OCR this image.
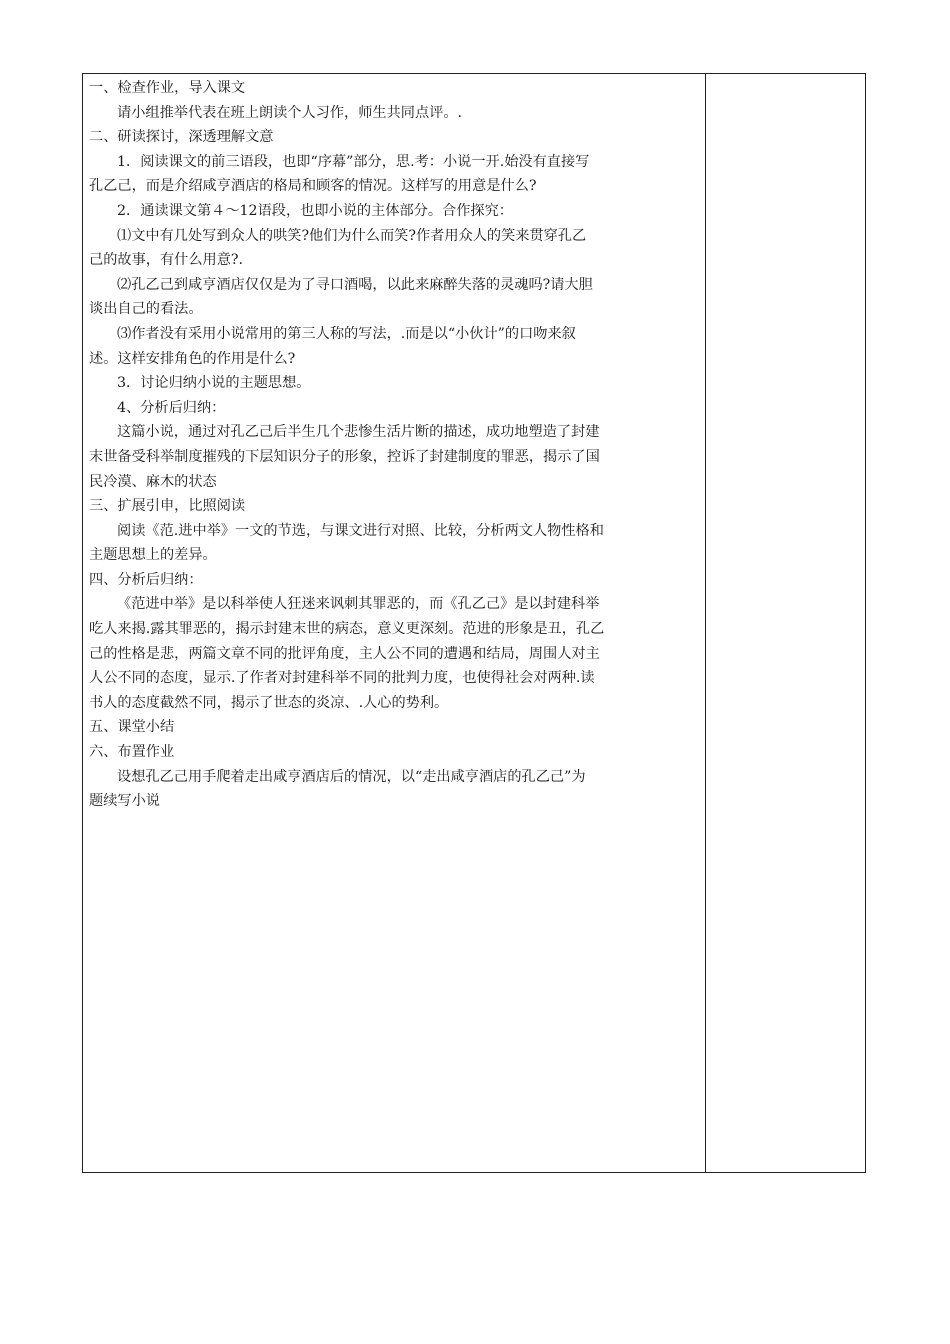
一、检查作业，导入课文

请小组推举代表在班上朗读个人习作，师生共同点评。.

二、研读探讨，深透理解文意

1．阅读课文的前三语段，也即“序幕”部分，思.考：小说一开.始没有直接写

孔乙己，而是介绍咸亨酒店的格局和顾客的情况。这样写的用意是什么?

2．通读课文第４～12语段，也即小说的主体部分。合作探究：

⑴文中有几处写到众人的哄笑?他们为什么而笑?作者用众人的笑来贯穿孔乙

己的故事，有什么用意?.

⑵孔乙己到咸亨酒店仅仅是为了寻口酒喝，以此来麻醉失落的灵魂吗?请大胆

谈出自己的看法。

⑶作者没有采用小说常用的第三人称的写法，.而是以“小伙计”的口吻来叙

述。这样安排角色的作用是什么?

3．讨论归纳小说的主题思想。

4、分析后归纳：

这篇小说，通过对孔乙己后半生几个悲惨生活片断的描述，成功地塑造了封建

末世备受科举制度摧残的下层知识分子的形象，控诉了封建制度的罪恶，揭示了国

民冷漠、麻木的状态

三、扩展引申，比照阅读

阅读《范.进中举》一文的节选，与课文进行对照、比较，分析两文人物性格和

主题思想上的差异。

四、分析后归纳：

《范进中举》是以科举使人狂迷来讽刺其罪恶的，而《孔乙己》是以封建科举

吃人来揭.露其罪恶的，揭示封建末世的病态，意义更深刻。范进的形象是丑，孔乙

己的性格是悲，两篇文章不同的批评角度，主人公不同的遭遇和结局，周围人对主

人公不同的态度，显示.了作者对封建科举不同的批判力度，也使得社会对两种.读

书人的态度截然不同，揭示了世态的炎凉、.人心的势利。

五、课堂小结

六、布置作业

设想孔乙己用手爬着走出咸亨酒店后的情况，以“走出咸亨酒店的孔乙己”为

题续写小说
